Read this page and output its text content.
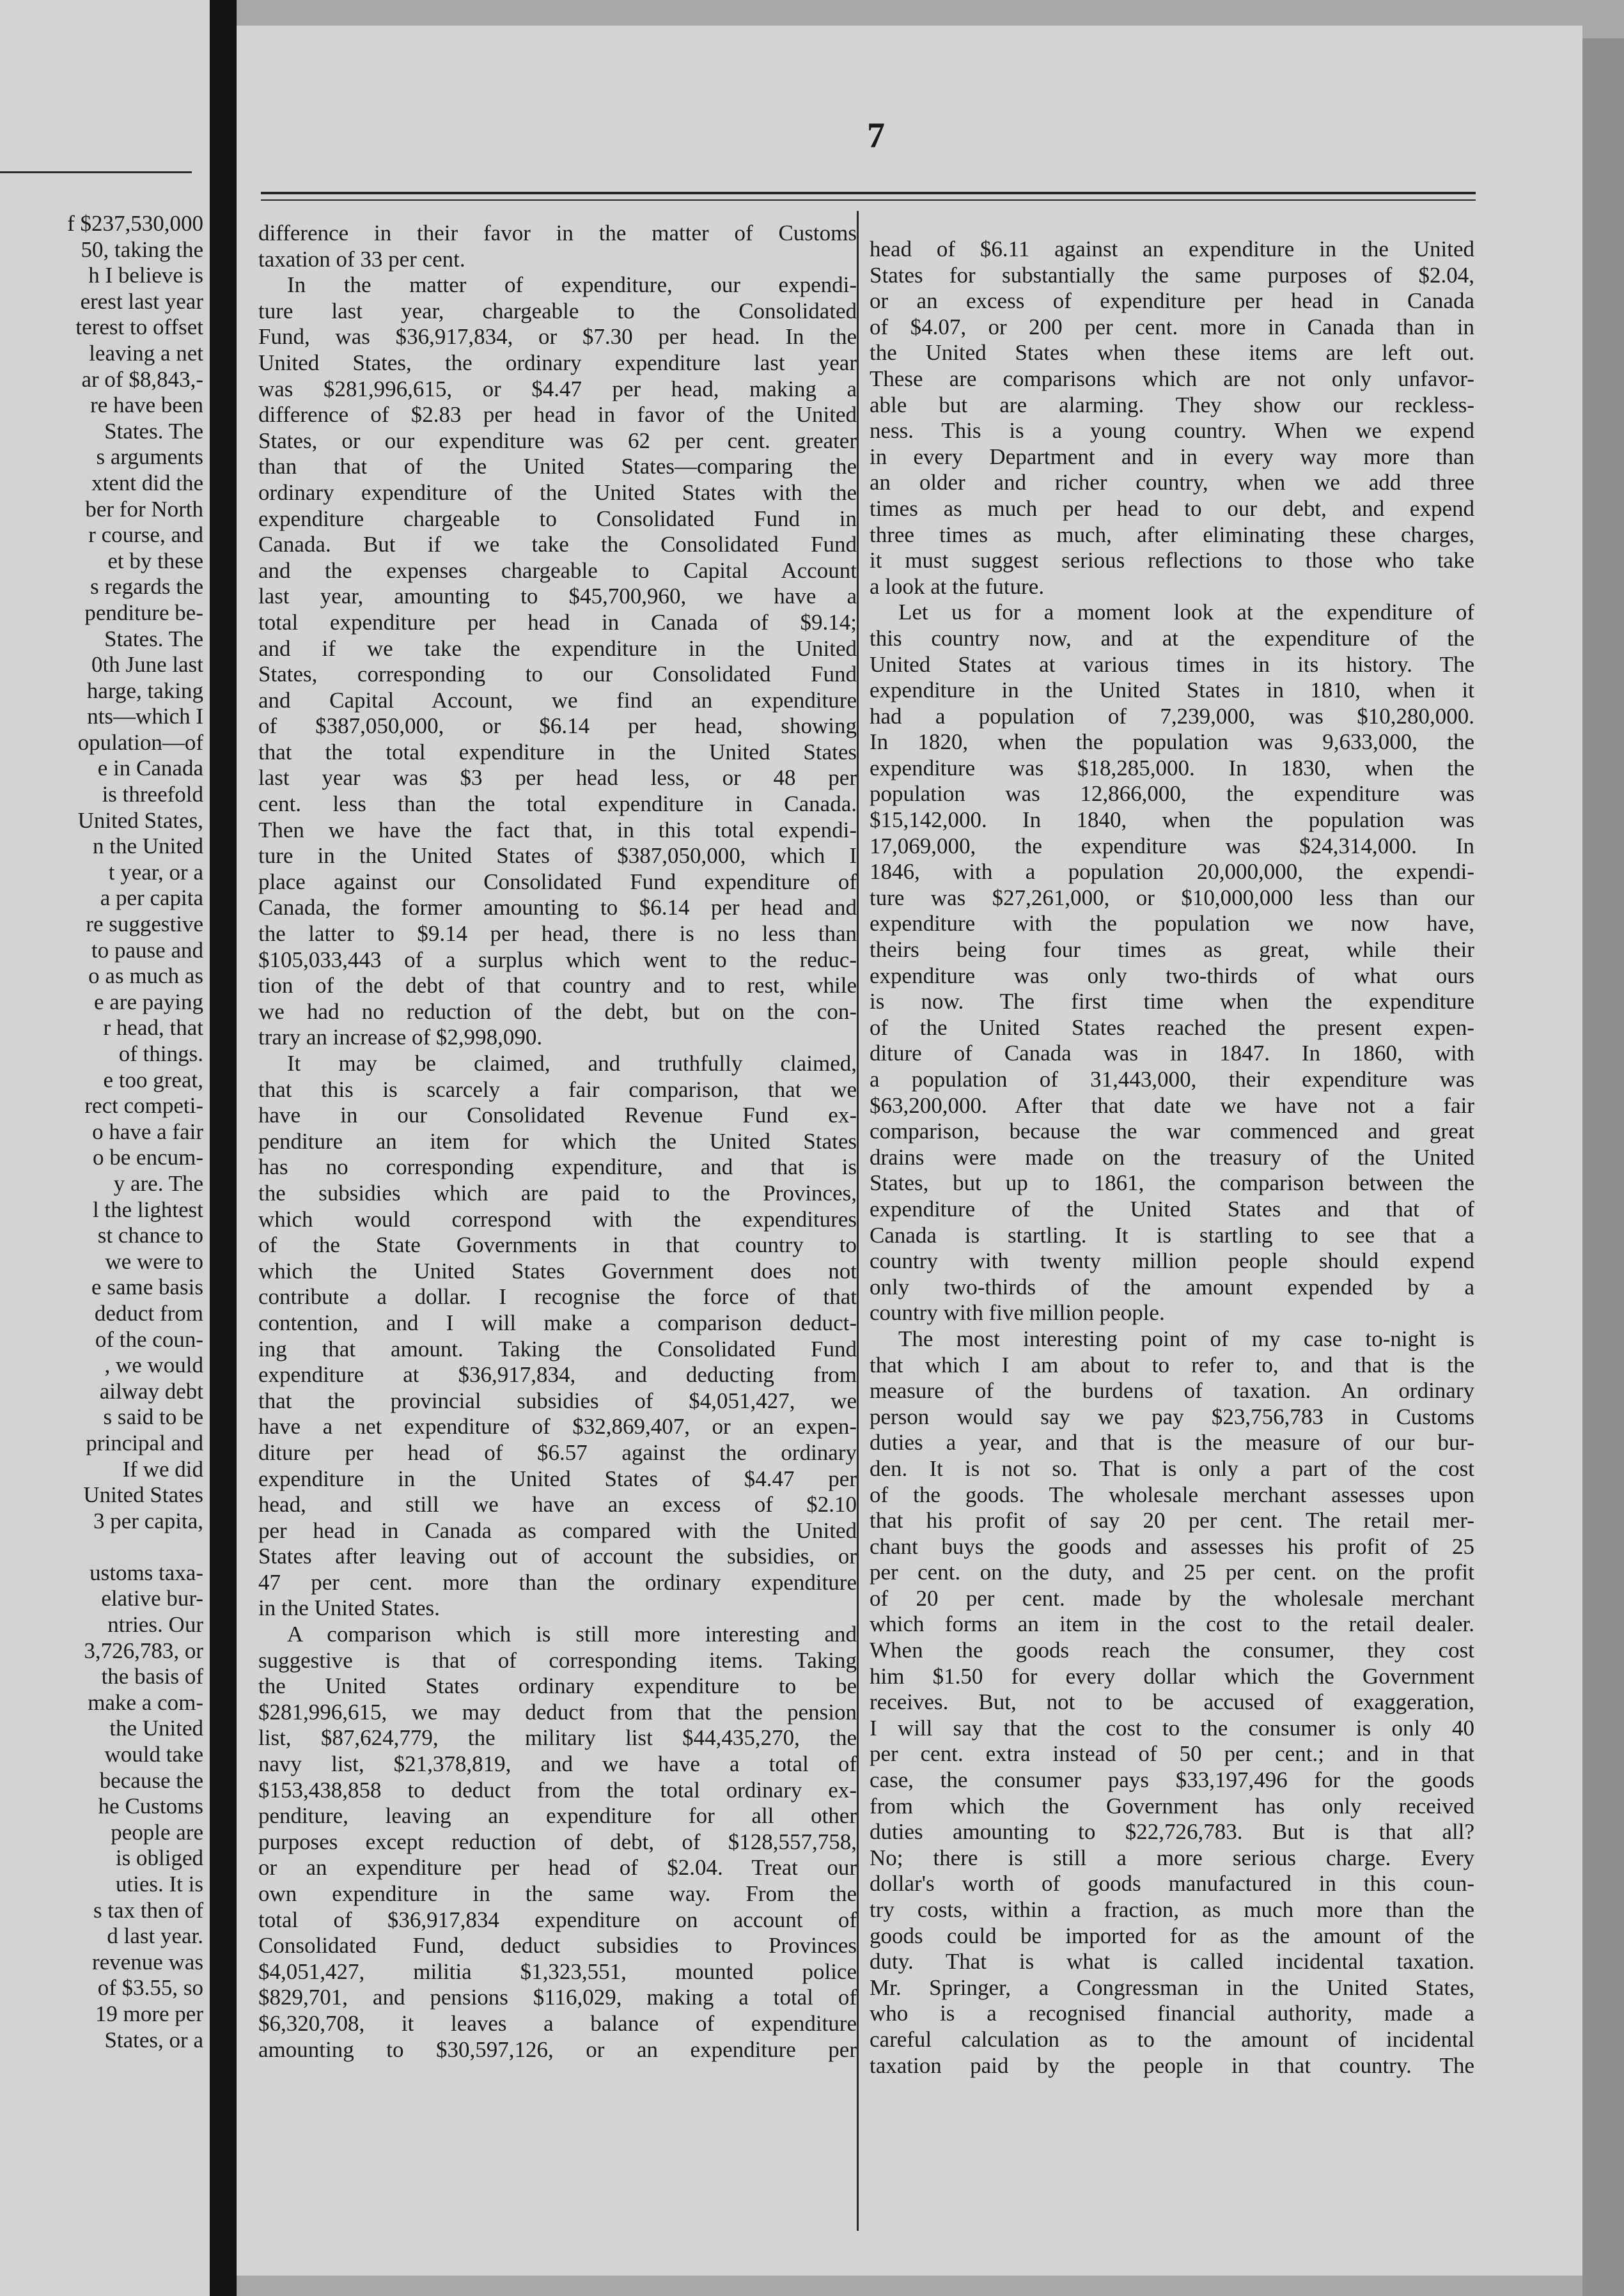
f $237,530,000
50, taking the
h I believe is
erest last year
terest to offset
leaving a net
ar of $8,843,-
re have been
States. The
s arguments
xtent did the
ber for North
r course, and
et by these
s regards the
penditure be-
States. The
0th June last
harge, taking
nts—which I
opulation—of
e in Canada
is threefold
United States,
n the United
t year, or a
a per capita
re suggestive
to pause and
o as much as
e are paying
r head, that
of things.
e too great,
rect competi-
o have a fair
o be encum-
y are. The
l the lightest
st chance to
we were to
e same basis
deduct from
of the coun-
, we would
ailway debt
s said to be
principal and
If we did
United States
3 per capita,

ustoms taxa-
elative bur-
ntries. Our
3,726,783, or
the basis of
make a com-
the United
would take
because the
he Customs
people are
is obliged
uties. It is
s tax then of
d last year.
revenue was
of $3.55, so
19 more per
States, or a
7
difference in their favor in the matter of Customs
taxation of 33 per cent.
In the matter of expenditure, our expendi-
ture last year, chargeable to the Consolidated
Fund, was $36,917,834, or $7.30 per head. In the
United States, the ordinary expenditure last year
was $281,996,615, or $4.47 per head, making a
difference of $2.83 per head in favor of the United
States, or our expenditure was 62 per cent. greater
than that of the United States—comparing the
ordinary expenditure of the United States with the
expenditure chargeable to Consolidated Fund in
Canada. But if we take the Consolidated Fund
and the expenses chargeable to Capital Account
last year, amounting to $45,700,960, we have a
total expenditure per head in Canada of $9.14;
and if we take the expenditure in the United
States, corresponding to our Consolidated Fund
and Capital Account, we find an expenditure
of $387,050,000, or $6.14 per head, showing
that the total expenditure in the United States
last year was $3 per head less, or 48 per
cent. less than the total expenditure in Canada.
Then we have the fact that, in this total expendi-
ture in the United States of $387,050,000, which I
place against our Consolidated Fund expenditure of
Canada, the former amounting to $6.14 per head and
the latter to $9.14 per head, there is no less than
$105,033,443 of a surplus which went to the reduc-
tion of the debt of that country and to rest, while
we had no reduction of the debt, but on the con-
trary an increase of $2,998,090.
It may be claimed, and truthfully claimed,
that this is scarcely a fair comparison, that we
have in our Consolidated Revenue Fund ex-
penditure an item for which the United States
has no corresponding expenditure, and that is
the subsidies which are paid to the Provinces,
which would correspond with the expenditures
of the State Governments in that country to
which the United States Government does not
contribute a dollar. I recognise the force of that
contention, and I will make a comparison deduct-
ing that amount. Taking the Consolidated Fund
expenditure at $36,917,834, and deducting from
that the provincial subsidies of $4,051,427, we
have a net expenditure of $32,869,407, or an expen-
diture per head of $6.57 against the ordinary
expenditure in the United States of $4.47 per
head, and still we have an excess of $2.10
per head in Canada as compared with the United
States after leaving out of account the subsidies, or
47 per cent. more than the ordinary expenditure
in the United States.
A comparison which is still more interesting and
suggestive is that of corresponding items. Taking
the United States ordinary expenditure to be
$281,996,615, we may deduct from that the pension
list, $87,624,779, the military list $44,435,270, the
navy list, $21,378,819, and we have a total of
$153,438,858 to deduct from the total ordinary ex-
penditure, leaving an expenditure for all other
purposes except reduction of debt, of $128,557,758,
or an expenditure per head of $2.04. Treat our
own expenditure in the same way. From the
total of $36,917,834 expenditure on account of
Consolidated Fund, deduct subsidies to Provinces
$4,051,427, militia $1,323,551, mounted police
$829,701, and pensions $116,029, making a total of
$6,320,708, it leaves a balance of expenditure
amounting to $30,597,126, or an expenditure per
head of $6.11 against an expenditure in the United
States for substantially the same purposes of $2.04,
or an excess of expenditure per head in Canada
of $4.07, or 200 per cent. more in Canada than in
the United States when these items are left out.
These are comparisons which are not only unfavor-
able but are alarming. They show our reckless-
ness. This is a young country. When we expend
in every Department and in every way more than
an older and richer country, when we add three
times as much per head to our debt, and expend
three times as much, after eliminating these charges,
it must suggest serious reflections to those who take
a look at the future.
Let us for a moment look at the expenditure of
this country now, and at the expenditure of the
United States at various times in its history. The
expenditure in the United States in 1810, when it
had a population of 7,239,000, was $10,280,000.
In 1820, when the population was 9,633,000, the
expenditure was $18,285,000. In 1830, when the
population was 12,866,000, the expenditure was
$15,142,000. In 1840, when the population was
17,069,000, the expenditure was $24,314,000. In
1846, with a population 20,000,000, the expendi-
ture was $27,261,000, or $10,000,000 less than our
expenditure with the population we now have,
theirs being four times as great, while their
expenditure was only two-thirds of what ours
is now. The first time when the expenditure
of the United States reached the present expen-
diture of Canada was in 1847. In 1860, with
a population of 31,443,000, their expenditure was
$63,200,000. After that date we have not a fair
comparison, because the war commenced and great
drains were made on the treasury of the United
States, but up to 1861, the comparison between the
expenditure of the United States and that of
Canada is startling. It is startling to see that a
country with twenty million people should expend
only two-thirds of the amount expended by a
country with five million people.
The most interesting point of my case to-night is
that which I am about to refer to, and that is the
measure of the burdens of taxation. An ordinary
person would say we pay $23,756,783 in Customs
duties a year, and that is the measure of our bur-
den. It is not so. That is only a part of the cost
of the goods. The wholesale merchant assesses upon
that his profit of say 20 per cent. The retail mer-
chant buys the goods and assesses his profit of 25
per cent. on the duty, and 25 per cent. on the profit
of 20 per cent. made by the wholesale merchant
which forms an item in the cost to the retail dealer.
When the goods reach the consumer, they cost
him $1.50 for every dollar which the Government
receives. But, not to be accused of exaggeration,
I will say that the cost to the consumer is only 40
per cent. extra instead of 50 per cent.; and in that
case, the consumer pays $33,197,496 for the goods
from which the Government has only received
duties amounting to $22,726,783. But is that all?
No; there is still a more serious charge. Every
dollar's worth of goods manufactured in this coun-
try costs, within a fraction, as much more than the
goods could be imported for as the amount of the
duty. That is what is called incidental taxation.
Mr. Springer, a Congressman in the United States,
who is a recognised financial authority, made a
careful calculation as to the amount of incidental
taxation paid by the people in that country. The
